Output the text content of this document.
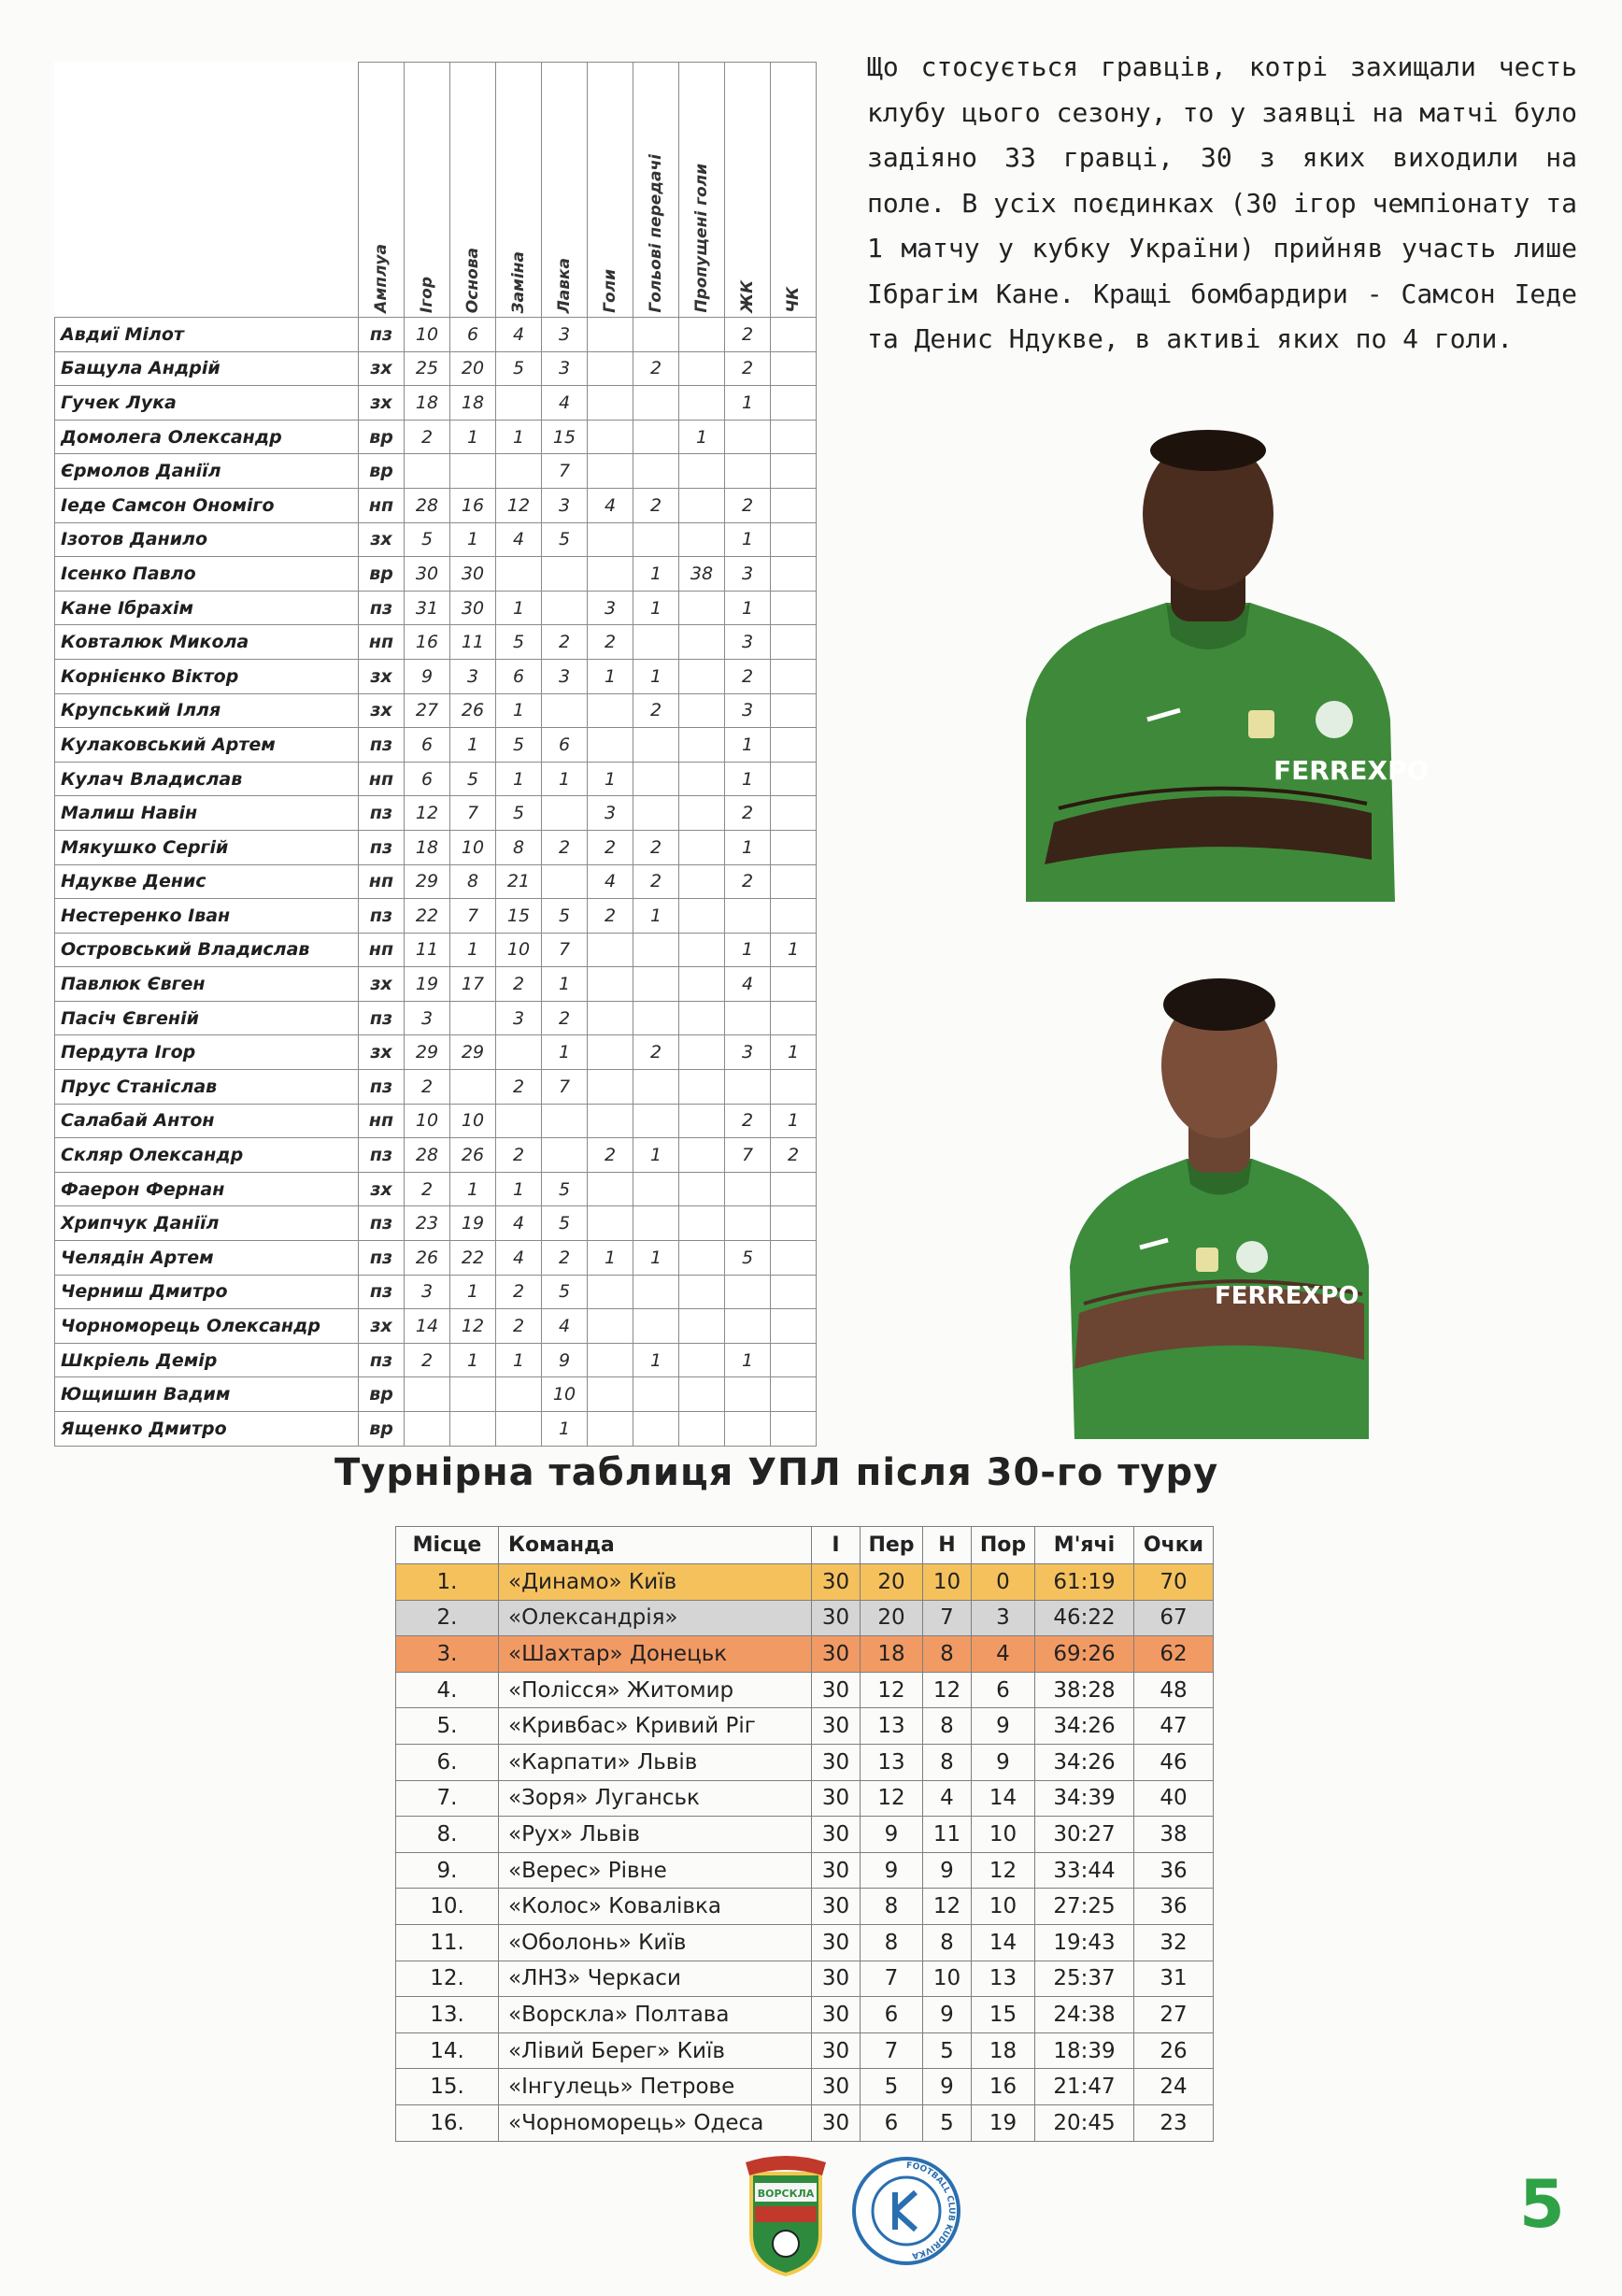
	Амплуа	Ігор	Основа	Заміна	Лавка	Голи	Гольові передачі	Пропущені голи	ЖК	ЧК
Авдиї Мілот	пз	10	6	4	3				2	
Бащула Андрій	зх	25	20	5	3		2		2	
Гучек Лука	зх	18	18		4				1	
Домолега Олександр	вр	2	1	1	15			1		
Єрмолов Даніїл	вр				7					
Іеде Самсон Ономіго	нп	28	16	12	3	4	2		2	
Ізотов Данило	зх	5	1	4	5				1	
Ісенко Павло	вр	30	30				1	38	3	
Кане Ібрахім	пз	31	30	1		3	1		1	
Ковталюк Микола	нп	16	11	5	2	2			3	
Корнієнко Віктор	зх	9	3	6	3	1	1		2	
Крупський Ілля	зх	27	26	1			2		3	
Кулаковський Артем	пз	6	1	5	6				1	
Кулач Владислав	нп	6	5	1	1	1			1	
Малиш Навін	пз	12	7	5		3			2	
Мякушко Сергій	пз	18	10	8	2	2	2		1	
Ндукве Денис	нп	29	8	21		4	2		2	
Нестеренко Іван	пз	22	7	15	5	2	1			
Островський Владислав	нп	11	1	10	7				1	1
Павлюк Євген	зх	19	17	2	1				4	
Пасіч Євгеній	пз	3		3	2					
Пердута Ігор	зх	29	29		1		2		3	1
Прус Станіслав	пз	2		2	7					
Салабай Антон	нп	10	10						2	1
Скляр Олександр	пз	28	26	2		2	1		7	2
Фаерон Фернан	зх	2	1	1	5					
Хрипчук Даніїл	пз	23	19	4	5					
Челядін Артем	пз	26	22	4	2	1	1		5	
Черниш Дмитро	пз	3	1	2	5					
Чорноморець Олександр	зх	14	12	2	4					
Шкріель Демір	пз	2	1	1	9		1		1	
Ющишин Вадим	вр				10					
Ященко Дмитро	вр				1					

Що стосується гравців, котрі захищали честь клубу цього сезону, то у заявці на матчі було задіяно 33 гравці, 30 з яких виходили на поле. В усіх поєдинках (30 ігор чемпіонату та 1 матчу у кубку України) прийняв участь лише Ібрагім Кане. Кращі бомбардири - Самсон Іеде та Денис Ндукве, в активі яких по 4 голи.

FERREXPO
FERREXPO
Турнірна таблиця УПЛ після 30-го туру
Місце	Команда	І	Пер	Н	Пор	М'ячі	Очки
1.	«Динамо» Київ	30	20	10	0	61:19	70
2.	«Олександрія»	30	20	7	3	46:22	67
3.	«Шахтар» Донецьк	30	18	8	4	69:26	62
4.	«Полісся» Житомир	30	12	12	6	38:28	48
5.	«Кривбас» Кривий Ріг	30	13	8	9	34:26	47
6.	«Карпати» Львів	30	13	8	9	34:26	46
7.	«Зоря» Луганськ	30	12	4	14	34:39	40
8.	«Рух» Львів	30	9	11	10	30:27	38
9.	«Верес» Рівне	30	9	9	12	33:44	36
10.	«Колос» Ковалівка	30	8	12	10	27:25	36
11.	«Оболонь» Київ	30	8	8	14	19:43	32
12.	«ЛНЗ» Черкаси	30	7	10	13	25:37	31
13.	«Ворскла» Полтава	30	6	9	15	24:38	27
14.	«Лівий Берег» Київ	30	7	5	18	18:39	26
15.	«Інгулець» Петрове	30	5	9	16	21:47	24
16.	«Чорноморець» Одеса	30	6	5	19	20:45	23
ВОРСКЛА
FOOTBALL CLUB KUDRIVKA
5
